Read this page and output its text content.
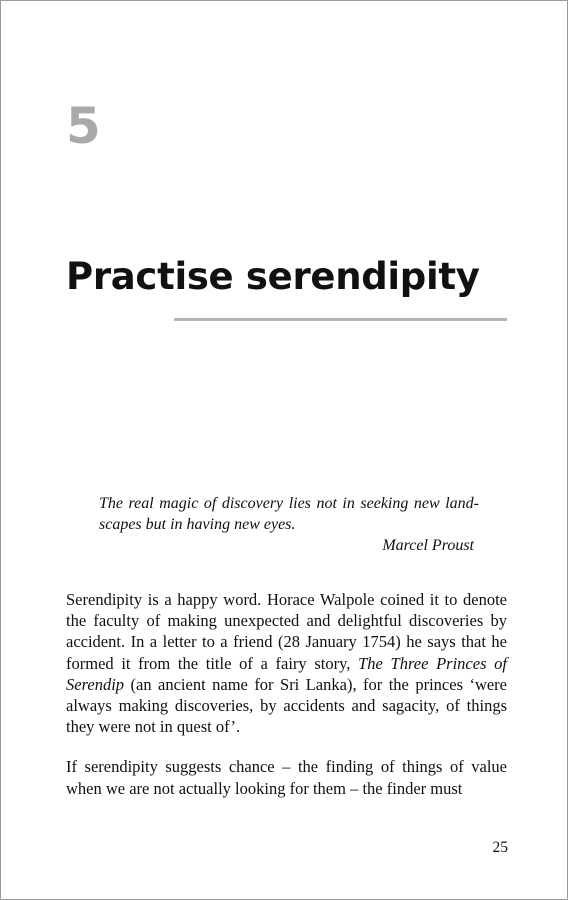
5
Practise serendipity

The real magic of discovery lies not in seeking new land-scapes but in having new eyes.

Marcel Proust

Serendipity is a happy word. Horace Walpole coined it to denote the faculty of making unexpected and delightful discoveries by accident. In a letter to a friend (28 January 1754) he says that he formed it from the title of a fairy story, The Three Princes of Serendip (an ancient name for Sri Lanka), for the princes ‘were always making discoveries, by accidents and sagacity, of things they were not in quest of’.

If serendipity suggests chance – the finding of things of value when we are not actually looking for them – the finder must

25
